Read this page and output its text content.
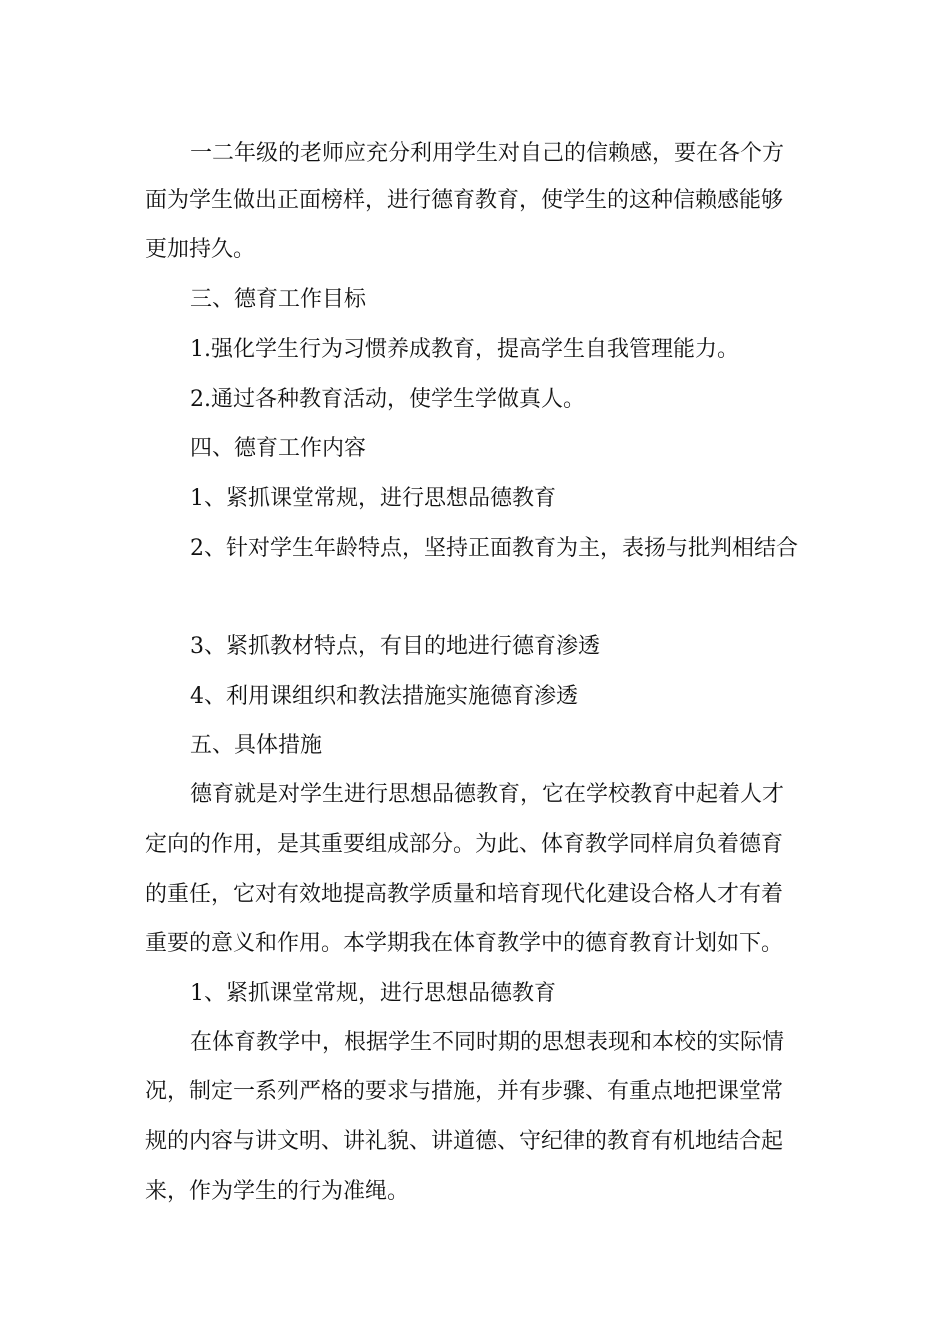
一二年级的老师应充分利用学生对自己的信赖感，要在各个方
面为学生做出正面榜样，进行德育教育，使学生的这种信赖感能够
更加持久。
三、德育工作目标
1.强化学生行为习惯养成教育，提高学生自我管理能力。
2.通过各种教育活动，使学生学做真人。
四、德育工作内容
1、紧抓课堂常规，进行思想品德教育
2、针对学生年龄特点，坚持正面教育为主，表扬与批判相结合
3、紧抓教材特点，有目的地进行德育渗透
4、利用课组织和教法措施实施德育渗透
五、具体措施
德育就是对学生进行思想品德教育，它在学校教育中起着人才
定向的作用，是其重要组成部分。为此、体育教学同样肩负着德育
的重任，它对有效地提高教学质量和培育现代化建设合格人才有着
重要的意义和作用。本学期我在体育教学中的德育教育计划如下。
1、紧抓课堂常规，进行思想品德教育
在体育教学中，根据学生不同时期的思想表现和本校的实际情
况，制定一系列严格的要求与措施，并有步骤、有重点地把课堂常
规的内容与讲文明、讲礼貌、讲道德、守纪律的教育有机地结合起
来，作为学生的行为准绳。
